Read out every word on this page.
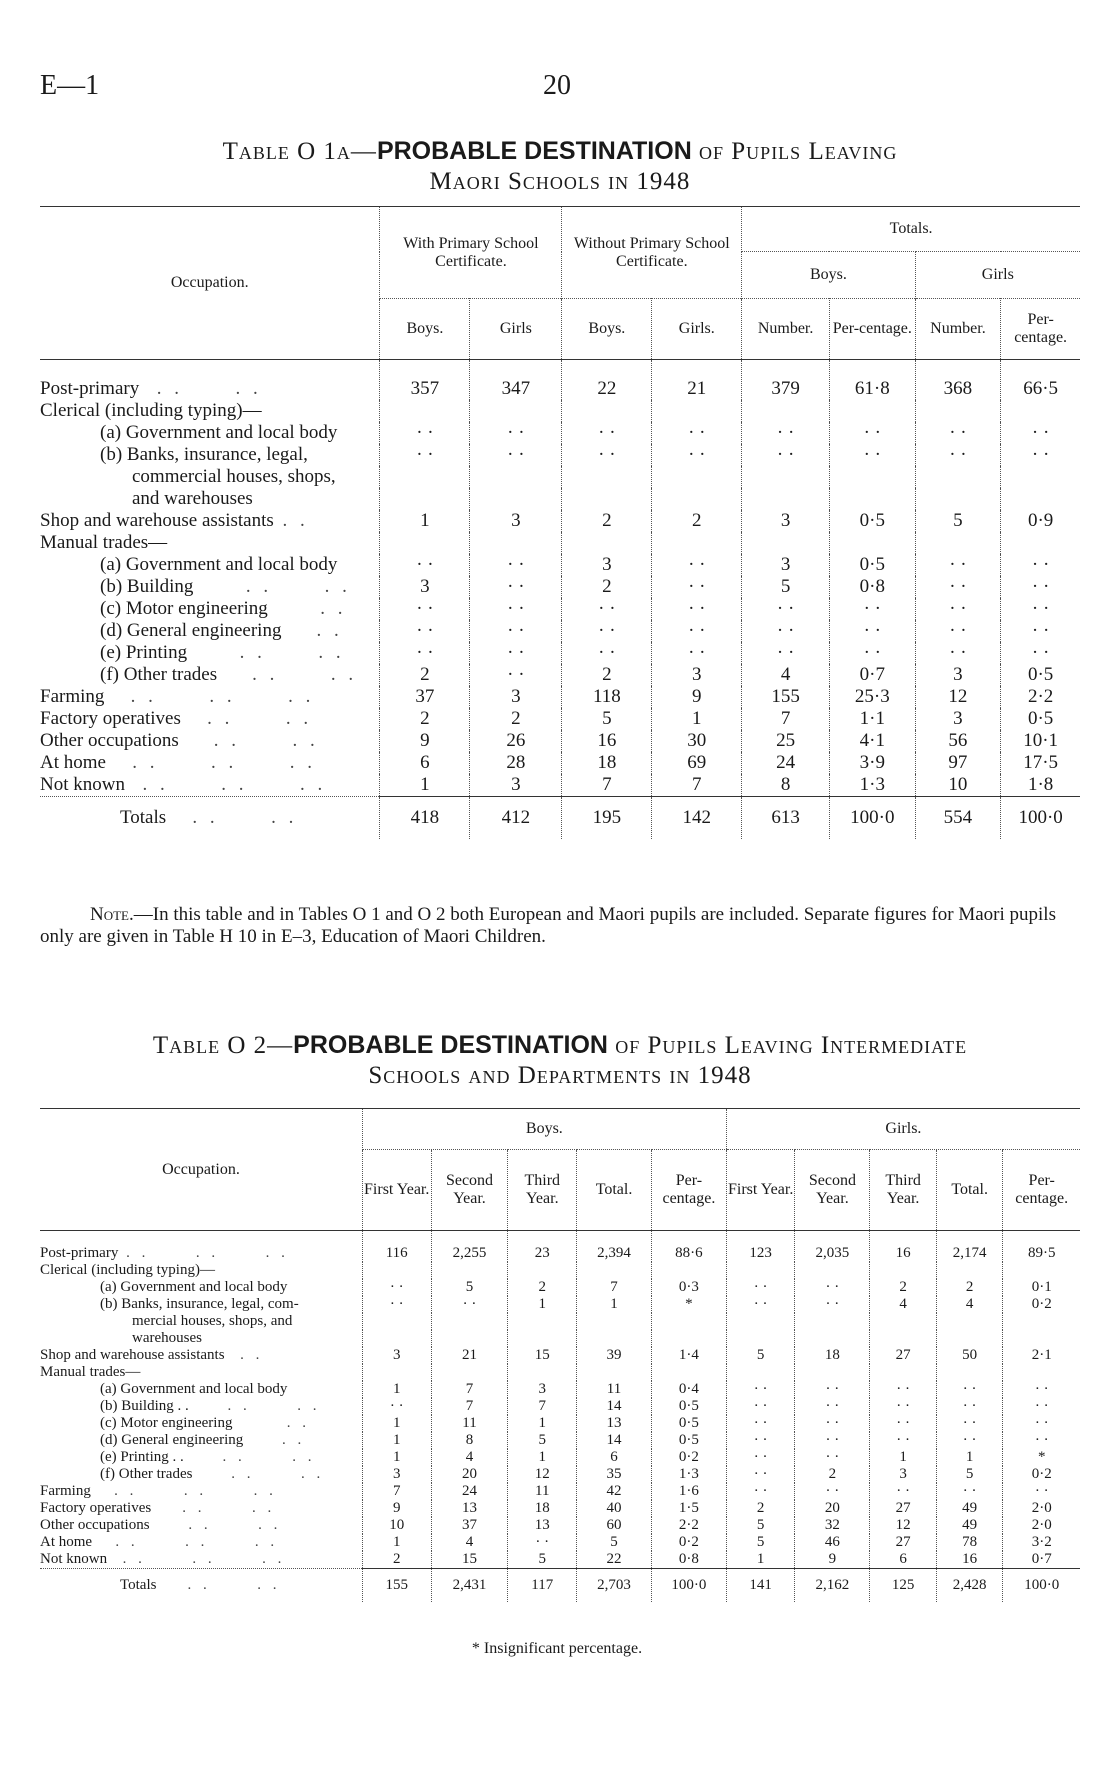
E—1	20
Table O 1a—PROBABLE DESTINATION of Pupils Leaving
Maori Schools in 1948
Occupation.	With Primary School Certificate.		Without Primary School Certificate.		Totals.			
					Boys.		Girls	
	Boys.	Girls	Boys.	Girls.	Number.	Per-centage.	Number.	Per-centage.
Post-primary  . .      . .	357	347	22	21	379	61·8	368	66·5
Clerical (including typing)—								
(a) Government and local body	· ·	· ·	· ·	· ·	· ·	· ·	· ·	· ·
(b) Banks, insurance, legal,	· ·	· ·	· ·	· ·	· ·	· ·	· ·	· ·
commercial houses, shops,								
and warehouses								
Shop and warehouse assistants . .	1	3	2	2	3	0·5	5	0·9
Manual trades—								
(a) Government and local body	· ·	· ·	3	· ·	3	0·5	· ·	· ·
(b) Building      . .      . .	3	· ·	2	· ·	5	0·8	· ·	· ·
(c) Motor engineering      . .	· ·	· ·	· ·	· ·	· ·	· ·	· ·	· ·
(d) General engineering    . .	· ·	· ·	· ·	· ·	· ·	· ·	· ·	· ·
(e) Printing      . .      . .	· ·	· ·	· ·	· ·	· ·	· ·	· ·	· ·
(f) Other trades    . .      . .	2	· ·	2	3	4	0·7	3	0·5
Farming   . .      . .      . .	37	3	118	9	155	25·3	12	2·2
Factory operatives   . .      . .	2	2	5	1	7	1·1	3	0·5
Other occupations    . .      . .	9	26	16	30	25	4·1	56	10·1
At home   . .      . .      . .	6	28	18	69	24	3·9	97	17·5
Not known  . .      . .      . .	1	3	7	7	8	1·3	10	1·8
Totals   . .      . .	418	412	195	142	613	100·0	554	100·0
Note.—In this table and in Tables O 1 and O 2 both European and Maori pupils are included. Separate figures for Maori pupils only are given in Table H 10 in E–3, Education of Maori Children.
Table O 2—PROBABLE DESTINATION of Pupils Leaving Intermediate
Schools and Departments in 1948
Occupation.	Boys.					Girls.				
	First Year.	Second Year.	Third Year.	Total.	Per-centage.	First Year.	Second Year.	Third Year.	Total.	Per-centage.
Post-primary . .      . .      . .	116	2,255	23	2,394	88·6	123	2,035	16	2,174	89·5
Clerical (including typing)—										
(a) Government and local body	· ·	5	2	7	0·3	· ·	· ·	2	2	0·1
(b) Banks, insurance, legal, com-	· ·	· ·	1	1	*	· ·	· ·	4	4	0·2
mercial houses, shops, and										
warehouses										
Shop and warehouse assistants  . .	3	21	15	39	1·4	5	18	27	50	2·1
Manual trades—										
(a) Government and local body	1	7	3	11	0·4	· ·	· ·	· ·	· ·	· ·
(b) Building . .     . .      . .	· ·	7	7	14	0·5	· ·	· ·	· ·	· ·	· ·
(c) Motor engineering       . .	1	11	1	13	0·5	· ·	· ·	· ·	· ·	· ·
(d) General engineering     . .	1	8	5	14	0·5	· ·	· ·	· ·	· ·	· ·
(e) Printing . .     . .      . .	1	4	1	6	0·2	· ·	· ·	1	1	*
(f) Other trades     . .      . .	3	20	12	35	1·3	· ·	2	3	5	0·2
Farming   . .      . .      . .	7	24	11	42	1·6	· ·	· ·	· ·	· ·	· ·
Factory operatives    . .      . .	9	13	18	40	1·5	2	20	27	49	2·0
Other occupations     . .      . .	10	37	13	60	2·2	5	32	12	49	2·0
At home   . .      . .      . .	1	4	· ·	5	0·2	5	46	27	78	3·2
Not known  . .      . .      . .	2	15	5	22	0·8	1	9	6	16	0·7
Totals    . .      . .	155	2,431	117	2,703	100·0	141	2,162	125	2,428	100·0
* Insignificant percentage.
